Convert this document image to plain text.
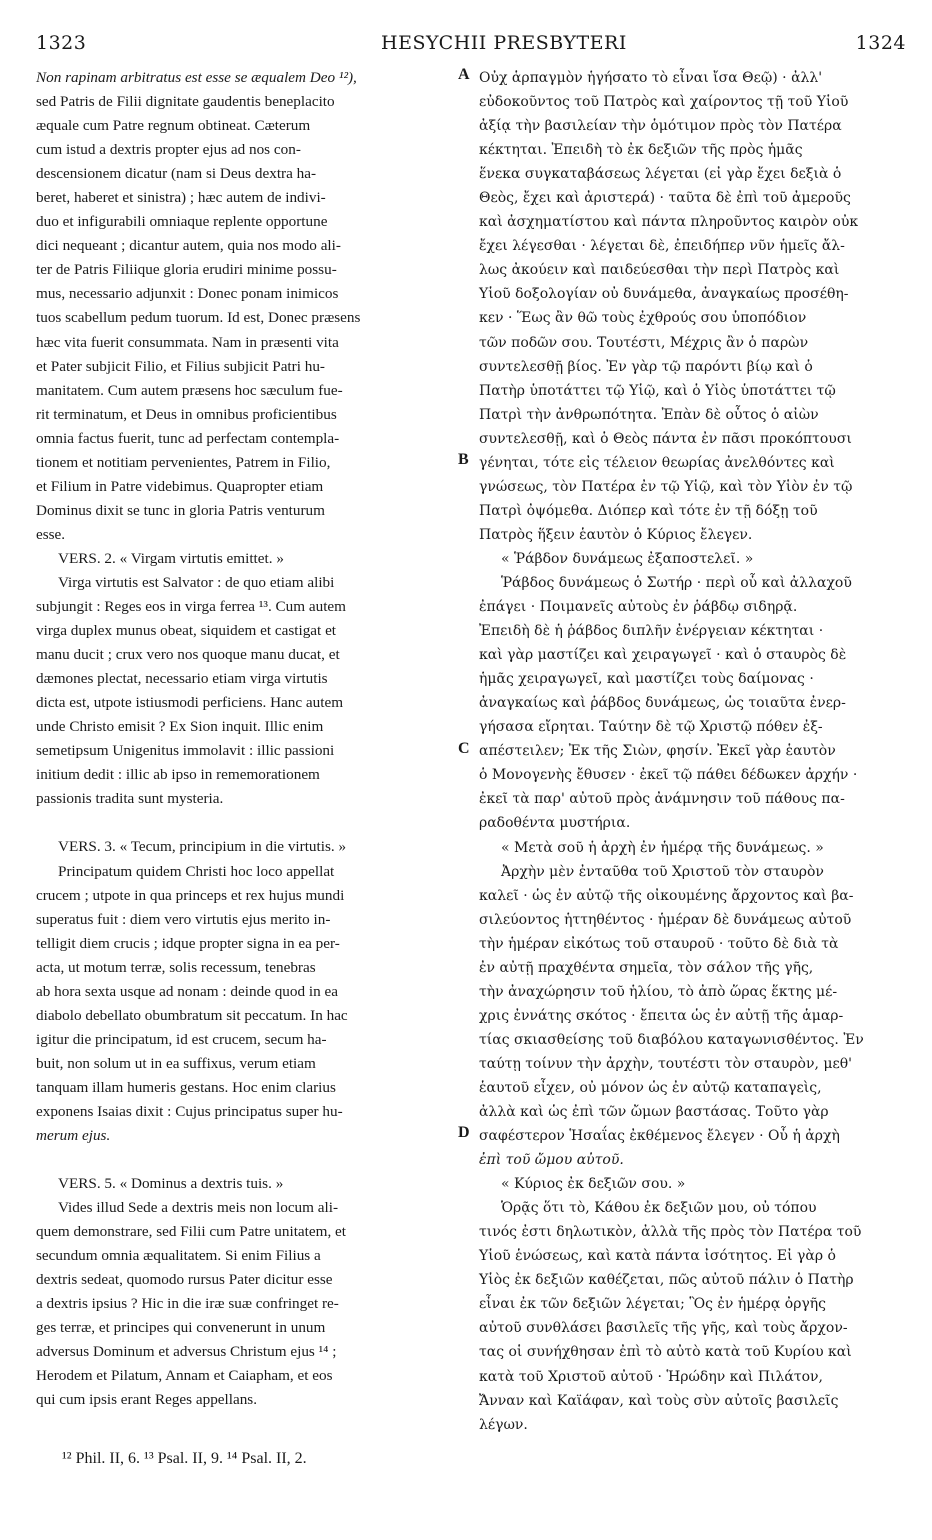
1323	HESYCHII PRESBYTERI	1324
A
B
C
D

Non rapinam arbitratus est esse se æqualem Deo ¹²),

sed Patris de Filii dignitate gaudentis beneplacito

æquale cum Patre regnum obtineat. Cæterum

cum istud a dextris propter ejus ad nos con-

descensionem dicatur (nam si Deus dextra ha-

beret, haberet et sinistra) ; hæc autem de indivi-

duo et infigurabili omniaque replente opportune

dici nequeant ; dicantur autem, quia nos modo ali-

ter de Patris Filiique gloria erudiri minime possu-

mus, necessario adjunxit : Donec ponam inimicos

tuos scabellum pedum tuorum. Id est, Donec præsens

hæc vita fuerit consummata. Nam in præsenti vita

et Pater subjicit Filio, et Filius subjicit Patri hu-

manitatem. Cum autem præsens hoc sæculum fue-

rit terminatum, et Deus in omnibus proficientibus

omnia factus fuerit, tunc ad perfectam contempla-

tionem et notitiam pervenientes, Patrem in Filio,

et Filium in Patre videbimus. Quapropter etiam

Dominus dixit se tunc in gloria Patris venturum

esse.

VERS. 2. « Virgam virtutis emittet. »

Virga virtutis est Salvator : de quo etiam alibi

subjungit : Reges eos in virga ferrea ¹³. Cum autem

virga duplex munus obeat, siquidem et castigat et

manu ducit ; crux vero nos quoque manu ducat, et

dæmones plectat, necessario etiam virga virtutis

dicta est, utpote istiusmodi perficiens. Hanc autem

unde Christo emisit ? Ex Sion inquit. Illic enim

semetipsum Unigenitus immolavit : illic passioni

initium dedit : illic ab ipso in rememorationem

passionis tradita sunt mysteria.

VERS. 3. « Tecum, principium in die virtutis. »

Principatum quidem Christi hoc loco appellat

crucem ; utpote in qua princeps et rex hujus mundi

superatus fuit : diem vero virtutis ejus merito in-

telligit diem crucis ; idque propter signa in ea per-

acta, ut motum terræ, solis recessum, tenebras

ab hora sexta usque ad nonam : deinde quod in ea

diabolo debellato obumbratum sit peccatum. In hac

igitur die principatum, id est crucem, secum ha-

buit, non solum ut in ea suffixus, verum etiam

tanquam illam humeris gestans. Hoc enim clarius

exponens Isaias dixit : Cujus principatus super hu-

merum ejus.

VERS. 5. « Dominus a dextris tuis. »

Vides illud Sede a dextris meis non locum ali-

quem demonstrare, sed Filii cum Patre unitatem, et

secundum omnia æqualitatem. Si enim Filius a

dextris sedeat, quomodo rursus Pater dicitur esse

a dextris ipsius ? Hic in die iræ suæ confringet re-

ges terræ, et principes qui convenerunt in unum

adversus Dominum et adversus Christum ejus ¹⁴ ;

Herodem et Pilatum, Annam et Caiapham, et eos

qui cum ipsis erant Reges appellans.

Οὐχ ἁρπαγμὸν ἡγήσατο τὸ εἶναι ἴσα Θεῷ) · ἀλλ'

εὐδοκοῦντος τοῦ Πατρὸς καὶ χαίροντος τῇ τοῦ Υἱοῦ

ἀξίᾳ τὴν βασιλείαν τὴν ὁμότιμον πρὸς τὸν Πατέρα

κέκτηται. Ἐπειδὴ τὸ ἐκ δεξιῶν τῆς πρὸς ἡμᾶς

ἕνεκα συγκαταβάσεως λέγεται (εἰ γὰρ ἔχει δεξιὰ ὁ

Θεὸς, ἔχει καὶ ἀριστερά) · ταῦτα δὲ ἐπὶ τοῦ ἀμεροῦς

καὶ ἀσχηματίστου καὶ πάντα πληροῦντος καιρὸν οὐκ

ἔχει λέγεσθαι · λέγεται δὲ, ἐπειδήπερ νῦν ἡμεῖς ἄλ-

λως ἀκούειν καὶ παιδεύεσθαι τὴν περὶ Πατρὸς καὶ

Υἱοῦ δοξολογίαν οὐ δυνάμεθα, ἀναγκαίως προσέθη-

κεν · Ἕως ἂν θῶ τοὺς ἐχθρούς σου ὑποπόδιον

τῶν ποδῶν σου. Τουτέστι, Μέχρις ἂν ὁ παρὼν

συντελεσθῇ βίος. Ἐν γὰρ τῷ παρόντι βίῳ καὶ ὁ

Πατὴρ ὑποτάττει τῷ Υἱῷ, καὶ ὁ Υἱὸς ὑποτάττει τῷ

Πατρὶ τὴν ἀνθρωπότητα. Ἐπὰν δὲ οὗτος ὁ αἰὼν

συντελεσθῇ, καὶ ὁ Θεὸς πάντα ἐν πᾶσι προκόπτουσι

γένηται, τότε εἰς τέλειον θεωρίας ἀνελθόντες καὶ

γνώσεως, τὸν Πατέρα ἐν τῷ Υἱῷ, καὶ τὸν Υἱὸν ἐν τῷ

Πατρὶ ὀψόμεθα. Διόπερ καὶ τότε ἐν τῇ δόξῃ τοῦ

Πατρὸς ἥξειν ἑαυτὸν ὁ Κύριος ἔλεγεν.

« Ῥάβδον δυνάμεως ἐξαποστελεῖ. »

Ῥάβδος δυνάμεως ὁ Σωτήρ · περὶ οὗ καὶ ἀλλαχοῦ

ἐπάγει · Ποιμανεῖς αὐτοὺς ἐν ῥάβδῳ σιδηρᾷ.

Ἐπειδὴ δὲ ἡ ῥάβδος διπλῆν ἐνέργειαν κέκτηται ·

καὶ γὰρ μαστίζει καὶ χειραγωγεῖ · καὶ ὁ σταυρὸς δὲ

ἡμᾶς χειραγωγεῖ, καὶ μαστίζει τοὺς δαίμονας ·

ἀναγκαίως καὶ ῥάβδος δυνάμεως, ὡς τοιαῦτα ἐνερ-

γήσασα εἴρηται. Ταύτην δὲ τῷ Χριστῷ πόθεν ἐξ-

απέστειλεν; Ἐκ τῆς Σιὼν, φησίν. Ἐκεῖ γὰρ ἑαυτὸν

ὁ Μονογενὴς ἔθυσεν · ἐκεῖ τῷ πάθει δέδωκεν ἀρχήν ·

ἐκεῖ τὰ παρ' αὐτοῦ πρὸς ἀνάμνησιν τοῦ πάθους πα-

ραδοθέντα μυστήρια.

« Μετὰ σοῦ ἡ ἀρχὴ ἐν ἡμέρᾳ τῆς δυνάμεως. »

Ἀρχὴν μὲν ἐνταῦθα τοῦ Χριστοῦ τὸν σταυρὸν

καλεῖ · ὡς ἐν αὐτῷ τῆς οἰκουμένης ἄρχοντος καὶ βα-

σιλεύοντος ἡττηθέντος · ἡμέραν δὲ δυνάμεως αὐτοῦ

τὴν ἡμέραν εἰκότως τοῦ σταυροῦ · τοῦτο δὲ διὰ τὰ

ἐν αὐτῇ πραχθέντα σημεῖα, τὸν σάλον τῆς γῆς,

τὴν ἀναχώρησιν τοῦ ἡλίου, τὸ ἀπὸ ὥρας ἕκτης μέ-

χρις ἐννάτης σκότος · ἔπειτα ὡς ἐν αὐτῇ τῆς ἁμαρ-

τίας σκιασθείσης τοῦ διαβόλου καταγωνισθέντος. Ἐν

ταύτῃ τοίνυν τὴν ἀρχὴν, τουτέστι τὸν σταυρὸν, μεθ'

ἑαυτοῦ εἶχεν, οὐ μόνον ὡς ἐν αὐτῷ καταπαγεὶς,

ἀλλὰ καὶ ὡς ἐπὶ τῶν ὤμων βαστάσας. Τοῦτο γὰρ

σαφέστερον Ἡσαΐας ἐκθέμενος ἔλεγεν · Οὗ ἡ ἀρχὴ

ἐπὶ τοῦ ὤμου αὐτοῦ.

« Κύριος ἐκ δεξιῶν σου. »

Ὁρᾷς ὅτι τὸ, Κάθου ἐκ δεξιῶν μου, οὐ τόπου

τινός ἐστι δηλωτικὸν, ἀλλὰ τῆς πρὸς τὸν Πατέρα τοῦ

Υἱοῦ ἑνώσεως, καὶ κατὰ πάντα ἰσότητος. Εἰ γὰρ ὁ

Υἱὸς ἐκ δεξιῶν καθέζεται, πῶς αὐτοῦ πάλιν ὁ Πατὴρ

εἶναι ἐκ τῶν δεξιῶν λέγεται; Ὃς ἐν ἡμέρᾳ ὀργῆς

αὐτοῦ συνθλάσει βασιλεῖς τῆς γῆς, καὶ τοὺς ἄρχον-

τας οἱ συνήχθησαν ἐπὶ τὸ αὐτὸ κατὰ τοῦ Κυρίου καὶ

κατὰ τοῦ Χριστοῦ αὐτοῦ · Ἡρώδην καὶ Πιλάτον,

Ἄνναν καὶ Καϊάφαν, καὶ τοὺς σὺν αὐτοῖς βασιλεῖς

λέγων.

¹² Phil. II, 6. ¹³ Psal. II, 9. ¹⁴ Psal. II, 2.
